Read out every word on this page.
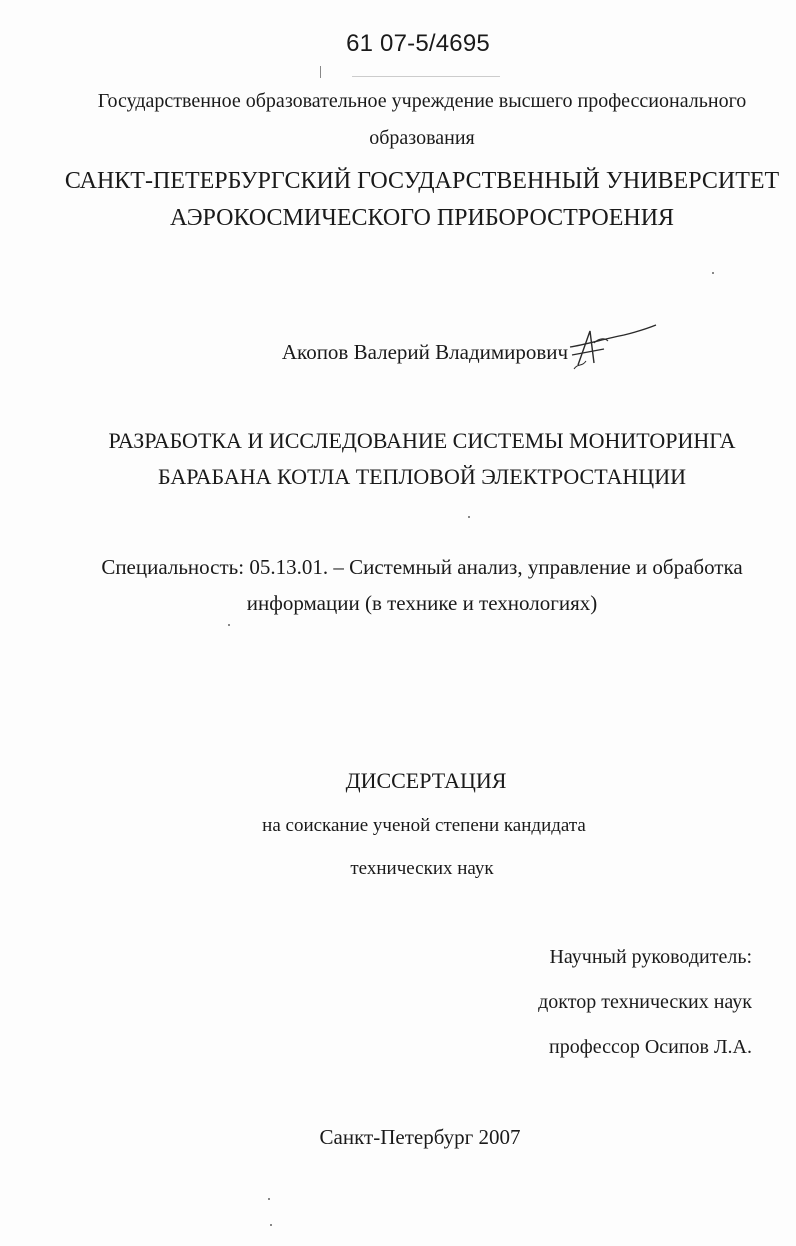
61 07-5/4695
Государственное образовательное учреждение высшего профессионального
образования
САНКТ-ПЕТЕРБУРГСКИЙ ГОСУДАРСТВЕННЫЙ УНИВЕРСИТЕТ
АЭРОКОСМИЧЕСКОГО ПРИБОРОСТРОЕНИЯ
Акопов Валерий Владимирович
РАЗРАБОТКА И ИССЛЕДОВАНИЕ СИСТЕМЫ МОНИТОРИНГА
БАРАБАНА КОТЛА ТЕПЛОВОЙ ЭЛЕКТРОСТАНЦИИ
Специальность: 05.13.01. – Системный анализ, управление и обработка
информации (в технике и технологиях)
ДИССЕРТАЦИЯ
на соискание ученой степени кандидата
технических наук
Научный руководитель:
доктор технических наук
профессор Осипов Л.А.
Санкт-Петербург 2007
